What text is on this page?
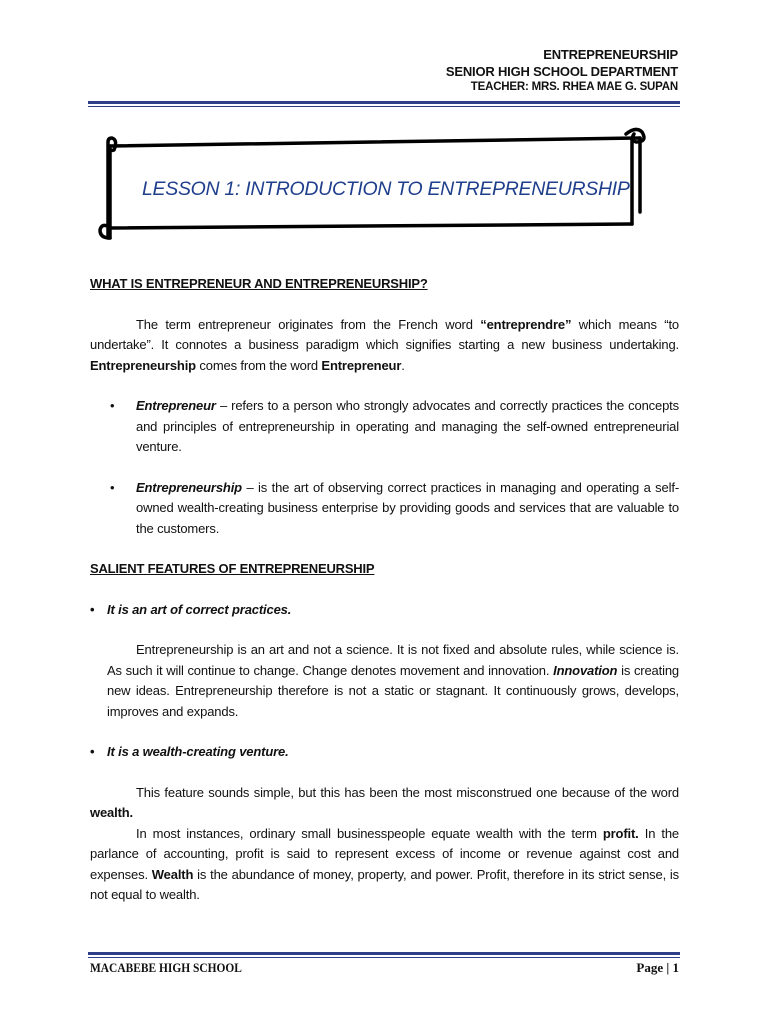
ENTREPRENEURSHIP
SENIOR HIGH SCHOOL DEPARTMENT
TEACHER: MRS. RHEA MAE G. SUPAN
LESSON 1: INTRODUCTION TO ENTREPRENEURSHIP
WHAT IS ENTREPRENEUR AND ENTREPRENEURSHIP?

The term entrepreneur originates from the French word “entreprendre” which means “to undertake”. It connotes a business paradigm which signifies starting a new business undertaking. Entrepreneurship comes from the word Entrepreneur.

• Entrepreneur – refers to a person who strongly advocates and correctly practices the concepts and principles of entrepreneurship in operating and managing the self-owned entrepreneurial venture.
• Entrepreneurship – is the art of observing correct practices in managing and operating a self-owned wealth-creating business enterprise by providing goods and services that are valuable to the customers.
SALIENT FEATURES OF ENTREPRENEURSHIP
• It is an art of correct practices.

Entrepreneurship is an art and not a science. It is not fixed and absolute rules, while science is. As such it will continue to change. Change denotes movement and innovation. Innovation is creating new ideas. Entrepreneurship therefore is not a static or stagnant. It continuously grows, develops, improves and expands.

• It is a wealth-creating venture.

This feature sounds simple, but this has been the most misconstrued one because of the word wealth.

In most instances, ordinary small businesspeople equate wealth with the term profit. In the parlance of accounting, profit is said to represent excess of income or revenue against cost and expenses. Wealth is the abundance of money, property, and power. Profit, therefore in its strict sense, is not equal to wealth.

MACABEBE HIGH SCHOOL	Page | 1
